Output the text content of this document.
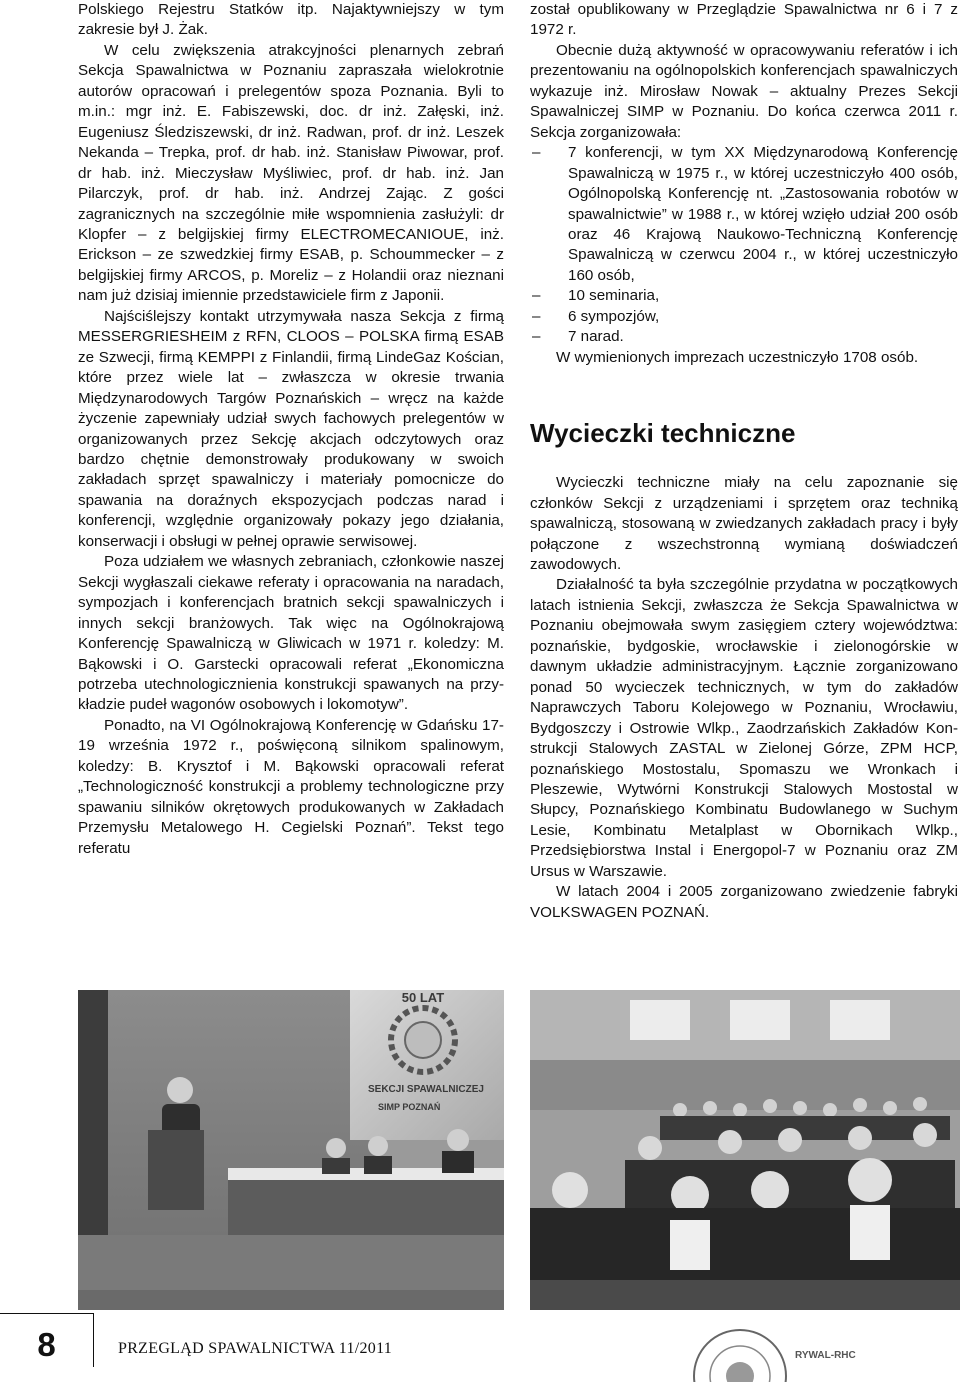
Polskiego Rejestru Statków itp. Najaktywniejszy w tym zakresie był J. Żak.

W celu zwiększenia atrakcyjności plenarnych zebrań Sekcja Spawalnictwa w Poznaniu zapraszała wielokrotnie autorów opracowań i prelegentów spoza Poznania. Byli to m.in.: mgr inż. E. Fabiszewski, doc. dr inż. Załęski, inż. Eugeniusz Śledziszewski, dr inż. Radwan, prof. dr inż. Leszek Nekanda – Trepka, prof. dr hab. inż. Stanisław Piwowar, prof. dr hab. inż. Mieczysław Myśliwiec, prof. dr hab. inż. Jan Pilarczyk, prof. dr hab. inż. Andrzej Zając. Z gości zagranicznych na szczególnie miłe wspomnienia zasłużyli: dr Klopfer – z belgijskiej firmy ELECTROMECANIOUE, inż. Erickson – ze szwedzkiej firmy ESAB, p. Schoummecker – z belgijskiej firmy ARCOS, p. Moreliz – z Holandii oraz nieznani nam już dzisiaj imiennie przedstawiciele firm z Japonii.

Najściślejszy kontakt utrzymywała nasza Sekcja z firmą MESSERGRIESHEIM z RFN, CLOOS – POLSKA firmą ESAB ze Szwecji, firmą KEMPPI z Finlandii, firmą LindeGaz Kościan, które przez wiele lat – zwłaszcza w okresie trwania Międzynarodowych Targów Poznańskich – wręcz na każde życzenie zapewniały udział swych fachowych prelegentów w organizowanych przez Sekcję akcjach odczytowych oraz bardzo chętnie demonstrowały produkowany w swoich zakładach sprzęt spawalniczy i materiały pomocnicze do spawania na doraźnych ekspozycjach podczas narad i konferencji, względnie organizowały pokazy jego działania, konserwacji i obsługi w pełnej oprawie serwisowej.

Poza udziałem we własnych zebraniach, członkowie naszej Sekcji wygłaszali ciekawe referaty i opracowania na naradach, sympozjach i konferencjach bratnich sekcji spawalniczych i innych sekcji branżowych. Tak więc na Ogólnokrajową Konferencję Spawalniczą w Gliwicach w 1971 r. koledzy: M. Bąkowski i O. Garstecki opracowali referat „Ekonomiczna potrzeba utechnologicznienia konstrukcji spawanych na przykładzie pudeł wagonów osobowych i lokomotyw”.

Ponadto, na VI Ogólnokrajową Konferencję w Gdańsku 17-19 września 1972 r., poświęconą silnikom spalinowym, koledzy: B. Krysztof i M. Bąkowski opracowali referat „Technologiczność konstrukcji a problemy technologiczne przy spawaniu silników okrętowych produkowanych w Zakładach Przemysłu Metalowego H. Cegielski Poznań”. Tekst tego referatu

został opublikowany w Przeglądzie Spawalnictwa nr 6 i 7 z 1972 r.

Obecnie dużą aktywność w opracowywaniu referatów i ich prezentowaniu na ogólnopolskich konferencjach spawalniczych wykazuje inż. Mirosław Nowak – aktualny Prezes Sekcji Spawalniczej SIMP w Poznaniu. Do końca czerwca 2011 r. Sekcja zorganizowała:

– 7 konferencji, w tym XX Międzynarodową Konferencję Spawalniczą w 1975 r., w której uczestniczyło 400 osób, Ogólnopolską Konferencję nt. „Zastosowania robotów w spawalnictwie” w 1988 r., w której wzięło udział 200 osób oraz 46 Krajową Naukowo-Techniczną Konferencję Spawalniczą w czerwcu 2004 r., w której uczestniczyło 160 osób,
– 10 seminaria,
– 6 sympozjów,
– 7 narad.

W wymienionych imprezach uczestniczyło 1708 osób.

Wycieczki techniczne

Wycieczki techniczne miały na celu zapoznanie się członków Sekcji z urządzeniami i sprzętem oraz techniką spawalniczą, stosowaną w zwiedzanych zakładach pracy i były połączone z wszechstronną wymianą doświadczeń zawodowych.

Działalność ta była szczególnie przydatna w początkowych latach istnienia Sekcji, zwłaszcza że Sekcja Spawalnictwa w Poznaniu obejmowała swym zasięgiem cztery województwa: poznańskie, bydgoskie, wrocławskie i zielonogórskie w dawnym układzie administracyjnym. Łącznie zorganizowano ponad 50 wycieczek technicznych, w tym do zakładów Naprawczych Taboru Kolejowego w Poznaniu, Wrocławiu, Bydgoszczy i Ostrowie Wlkp., Zaodrzańskich Zakładów Konstrukcji Stalowych ZASTAL w Zielonej Górze, ZPM HCP, poznańskiego Mostostalu, Spomaszu we Wronkach i Pleszewie, Wytwórni Konstrukcji Stalowych Mostostal w Słupcy, Poznańskiego Kombinatu Budowlanego w Suchym Lesie, Kombinatu Metalplast w Obornikach Wlkp., Przedsiębiorstwa Instal i Energopol-7 w Poznaniu oraz ZM Ursus w Warszawie.

W latach 2004 i 2005 zorganizowano zwiedzenie fabryki VOLKSWAGEN POZNAŃ.

50 LAT
SEKCJI SPAWALNICZEJ
SIMP POZNAŃ
8	PRZEGLĄD SPAWALNICTWA 11/2011	RYWAL-RHC
